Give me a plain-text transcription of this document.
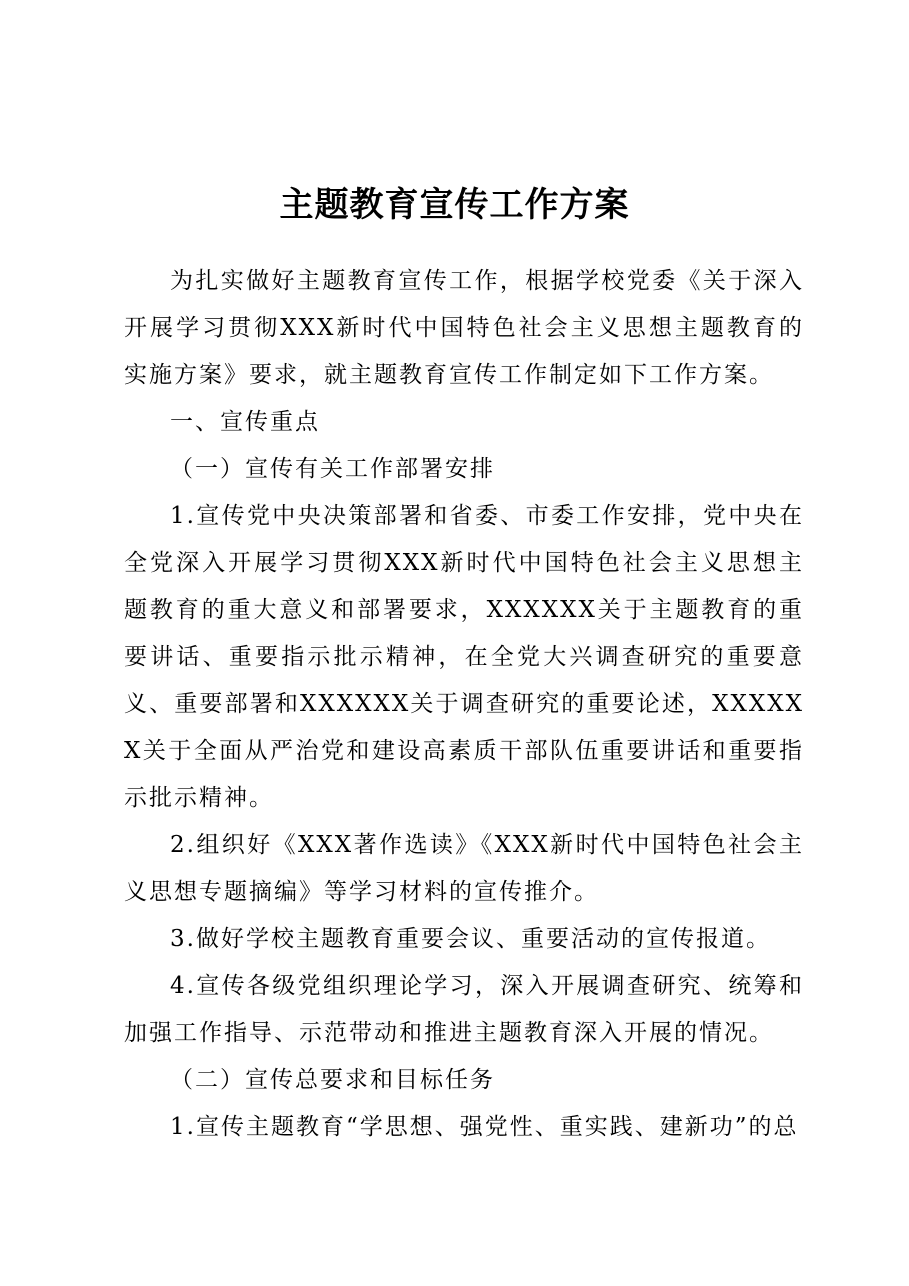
主题教育宣传工作方案

为扎实做好主题教育宣传工作，根据学校党委《关于深入开展学习贯彻XXX新时代中国特色社会主义思想主题教育的实施方案》要求，就主题教育宣传工作制定如下工作方案。

一、宣传重点

（一）宣传有关工作部署安排

1.宣传党中央决策部署和省委、市委工作安排，党中央在全党深入开展学习贯彻XXX新时代中国特色社会主义思想主题教育的重大意义和部署要求，XXXXXX关于主题教育的重要讲话、重要指示批示精神，在全党大兴调查研究的重要意义、重要部署和XXXXXX关于调查研究的重要论述，XXXXXX关于全面从严治党和建设高素质干部队伍重要讲话和重要指示批示精神。

2.组织好《XXX著作选读》《XXX新时代中国特色社会主义思想专题摘编》等学习材料的宣传推介。

3.做好学校主题教育重要会议、重要活动的宣传报道。

4.宣传各级党组织理论学习，深入开展调查研究、统筹和加强工作指导、示范带动和推进主题教育深入开展的情况。

（二）宣传总要求和目标任务

1.宣传主题教育“学思想、强党性、重实践、建新功”的总
